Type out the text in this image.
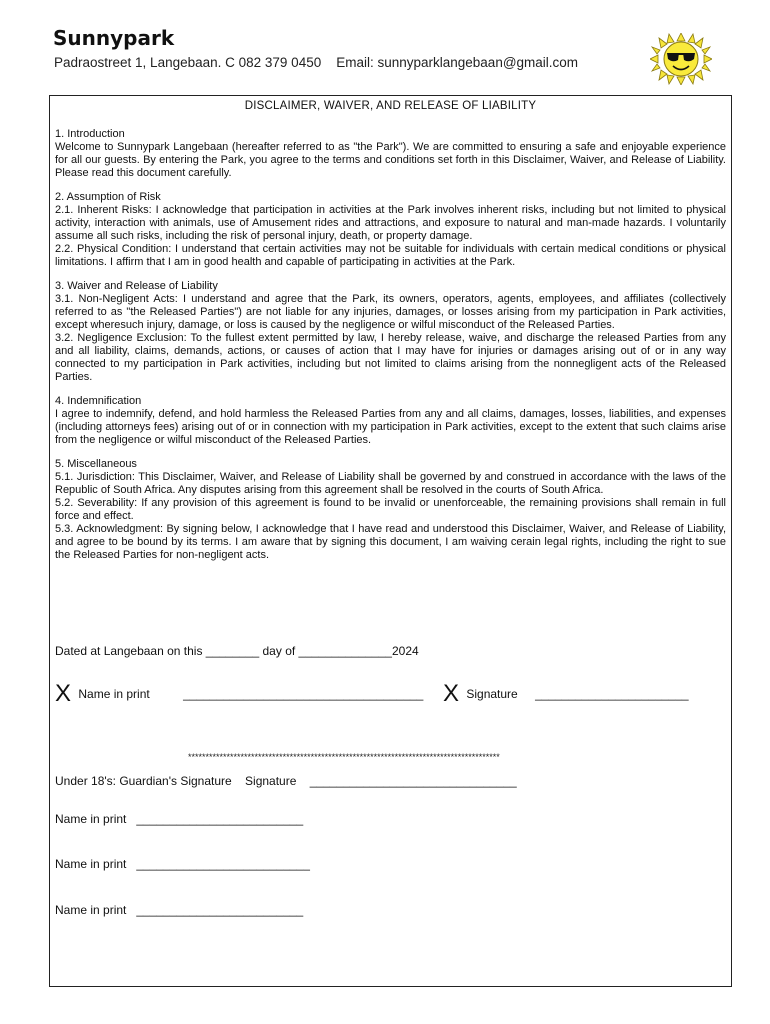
Sunnypark
Padraostreet 1, Langebaan. C 082 379 0450    Email: sunnyparklangebaan@gmail.com
DISCLAIMER, WAIVER, AND RELEASE OF LIABILITY
1. Introduction

Welcome to Sunnypark Langebaan (hereafter referred to as "the Park"). We are committed to ensuring a safe and enjoyable experience for all our guests. By entering the Park, you agree to the terms and conditions set forth in this Disclaimer, Waiver, and Release of Liability. Please read this document carefully.

2. Assumption of Risk

2.1. Inherent Risks: I acknowledge that participation in activities at the Park involves inherent risks, including but not limited to physical activity, interaction with animals, use of Amusement rides and attractions, and exposure to natural and man-made hazards. I voluntarily assume all such risks, including the risk of personal injury, death, or property damage.

2.2. Physical Condition: I understand that certain activities may not be suitable for individuals with certain medical conditions or physical limitations. I affirm that I am in good health and capable of participating in activities at the Park.

3. Waiver and Release of Liability

3.1. Non-Negligent Acts: I understand and agree that the Park, its owners, operators, agents, employees, and affiliates (collectively referred to as "the Released Parties") are not liable for any injuries, damages, or losses arising from my participation in Park activities, except wheresuch injury, damage, or loss is caused by the negligence or wilful misconduct of the Released Parties.

3.2. Negligence Exclusion: To the fullest extent permitted by law, I hereby release, waive, and discharge the released Parties from any and all liability, claims, demands, actions, or causes of action that I may have for injuries or damages arising out of or in any way connected to my participation in Park activities, including but not limited to claims arising from the nonnegligent acts of the Released Parties.

4. Indemnification

I agree to indemnify, defend, and hold harmless the Released Parties from any and all claims, damages, losses, liabilities, and expenses (including attorneys fees) arising out of or in connection with my participation in Park activities, except to the extent that such claims arise from the negligence or wilful misconduct of the Released Parties.

5. Miscellaneous

5.1. Jurisdiction: This Disclaimer, Waiver, and Release of Liability shall be governed by and construed in accordance with the laws of the Republic of South Africa. Any disputes arising from this agreement shall be resolved in the courts of South Africa.

5.2. Severability: If any provision of this agreement is found to be invalid or unenforceable, the remaining provisions shall remain in full force and effect.

5.3. Acknowledgment: By signing below, I acknowledge that I have read and understood this Disclaimer, Waiver, and Release of Liability, and agree to be bound by its terms. I am aware that by signing this document, I am waiving cerain legal rights, including the right to sue the Released Parties for non-negligent acts.

Dated at Langebaan on this ________ day of ______________2024
X Name in print	____________________________________ X Signature _______________________
*****************************************************************************************
Under 18's: Guardian's Signature    Signature    _______________________________
Name in print   _________________________
Name in print   __________________________
Name in print   _________________________
